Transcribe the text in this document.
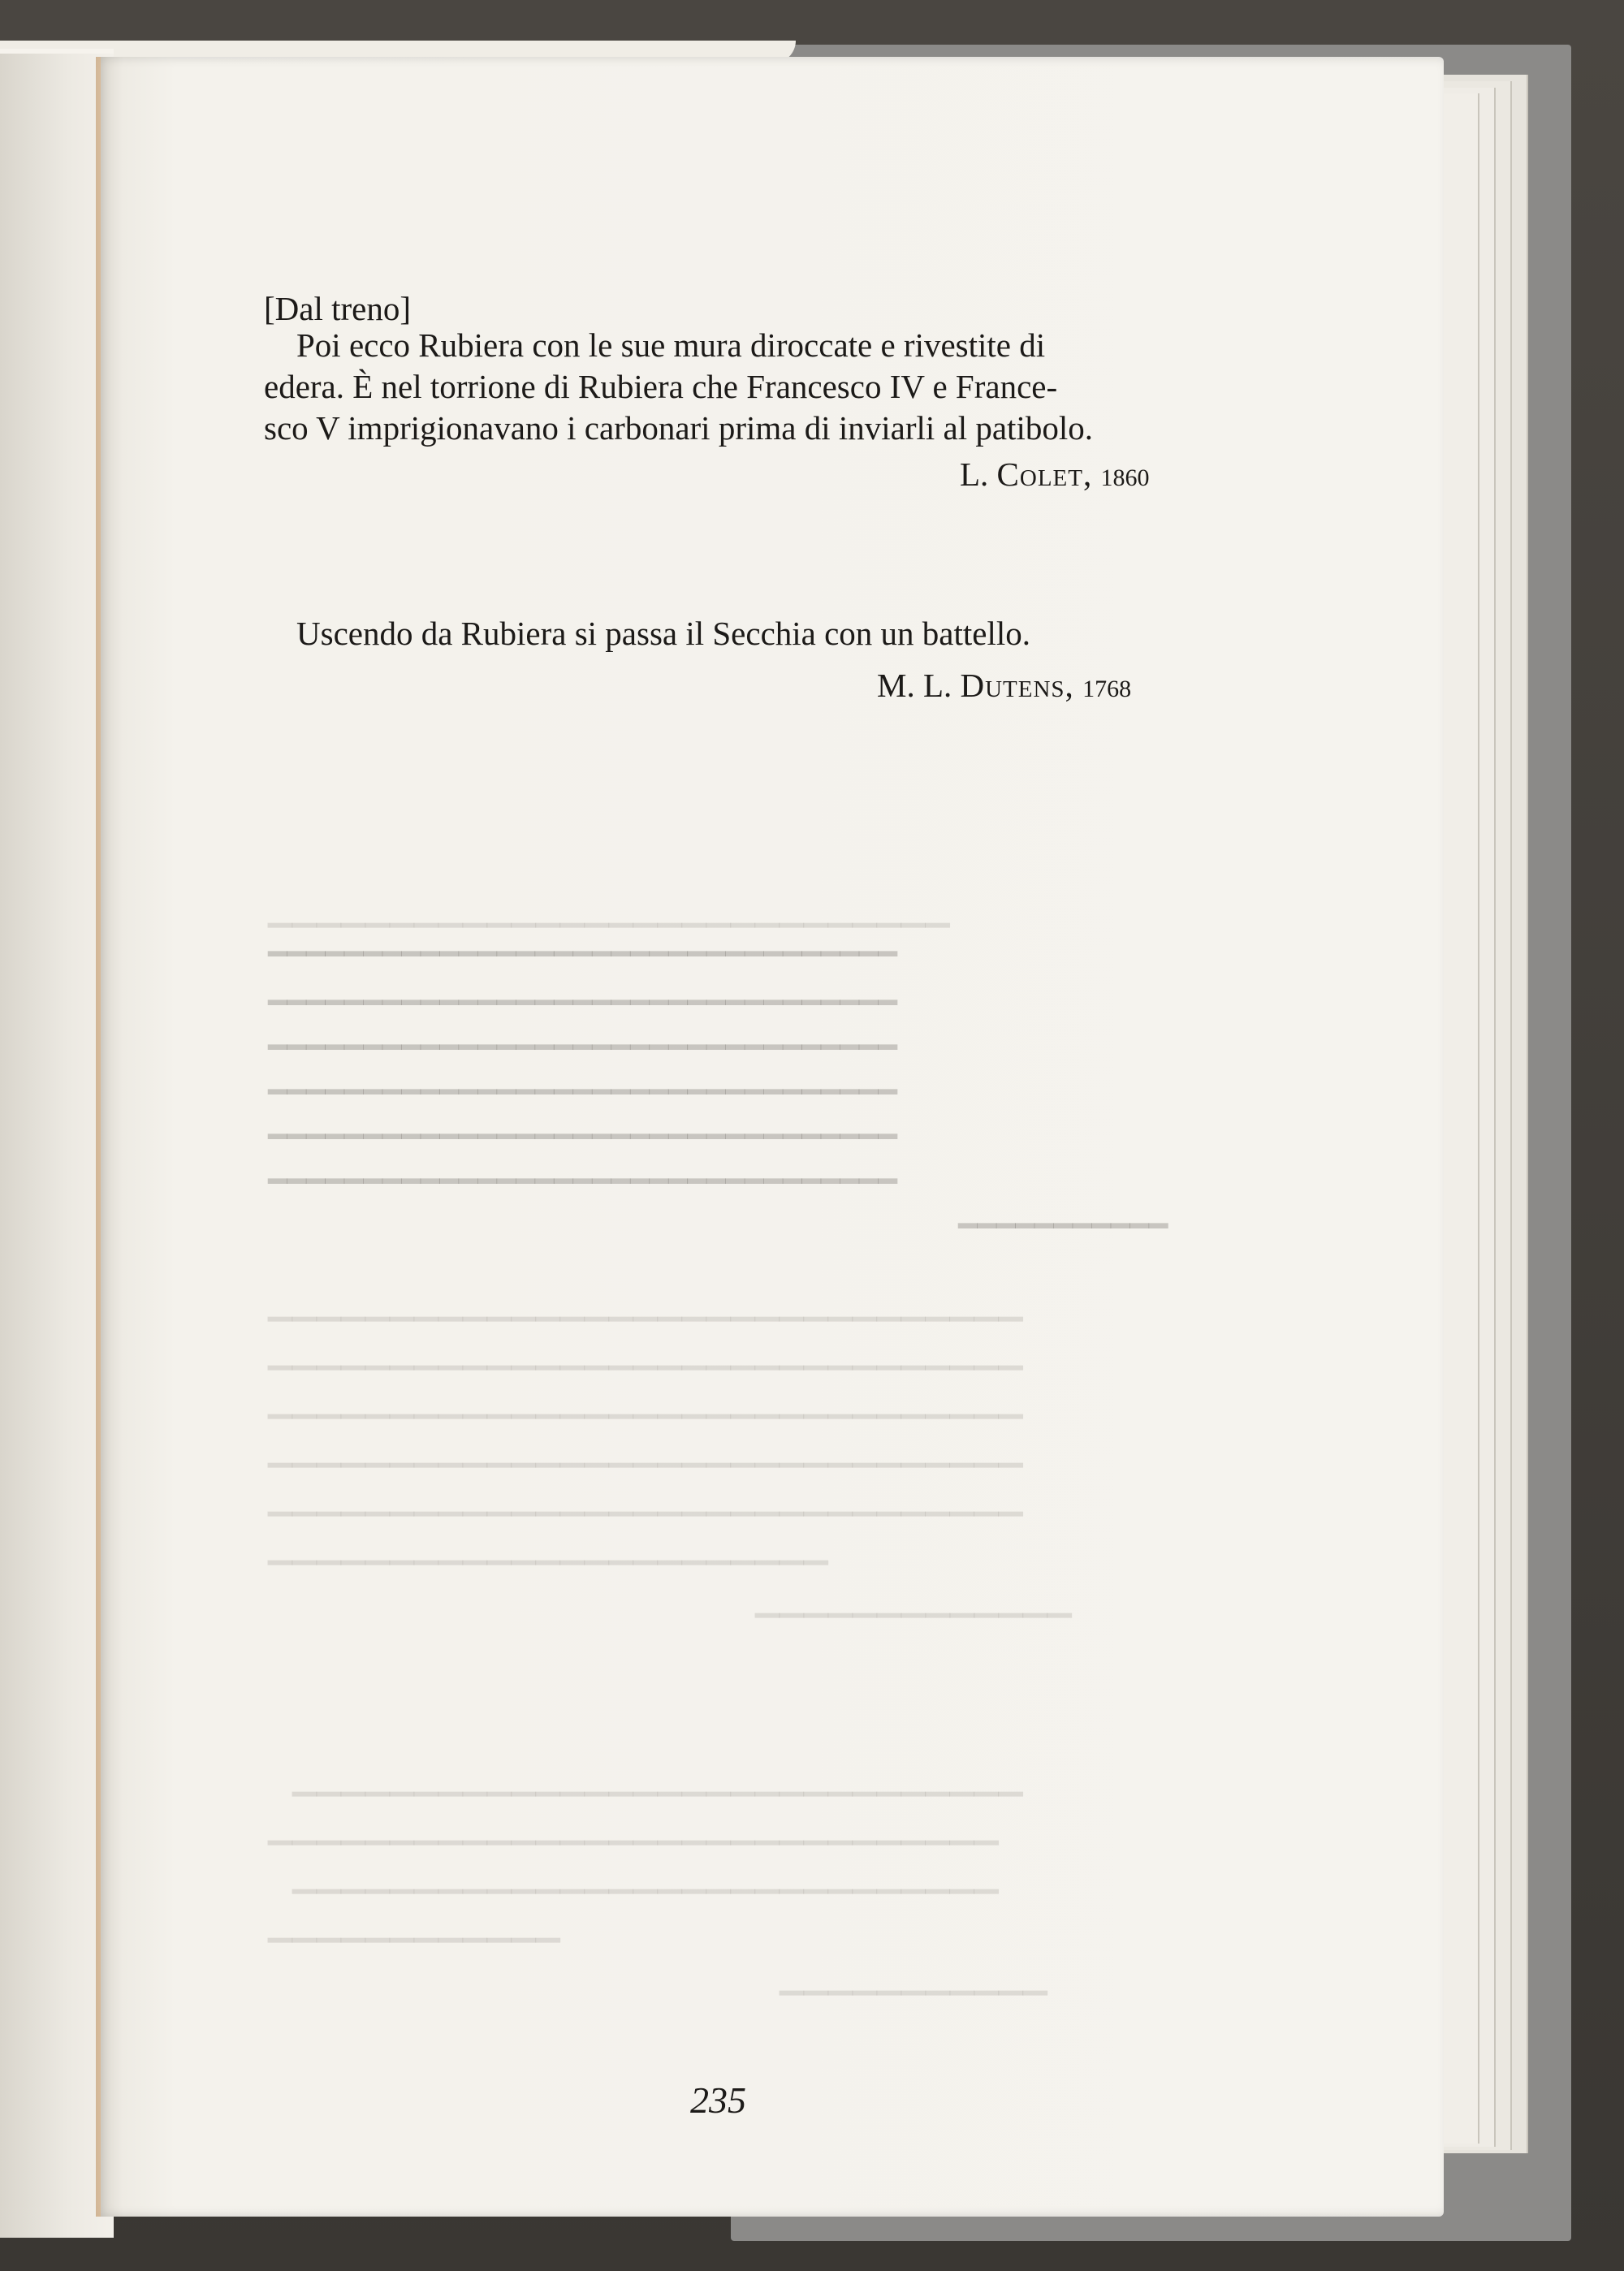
▁▁▁▁▁▁▁▁▁▁▁▁▁▁▁▁▁▁▁▁▁▁▁▁▁▁▁▁
━━━━━━━━━━━━━━━━━━━━━━━━━━━━━━━━━
━━━━━━━━━━━━━━━━━━━━━━━━━━━━━━━━━
━━━━━━━━━━━━━━━━━━━━━━━━━━━━━━━━━
━━━━━━━━━━━━━━━━━━━━━━━━━━━━━━━━━
━━━━━━━━━━━━━━━━━━━━━━━━━━━━━━━━━
━━━━━━━━━━━━━━━━━━━━━━━━━━━━━━━━━
━━━━━━━━━━━
▁▁▁▁▁▁▁▁▁▁▁▁▁▁▁▁▁▁▁▁▁▁▁▁▁▁▁▁▁▁▁
▁▁▁▁▁▁▁▁▁▁▁▁▁▁▁▁▁▁▁▁▁▁▁▁▁▁▁▁▁▁▁
▁▁▁▁▁▁▁▁▁▁▁▁▁▁▁▁▁▁▁▁▁▁▁▁▁▁▁▁▁▁▁
▁▁▁▁▁▁▁▁▁▁▁▁▁▁▁▁▁▁▁▁▁▁▁▁▁▁▁▁▁▁▁
▁▁▁▁▁▁▁▁▁▁▁▁▁▁▁▁▁▁▁▁▁▁▁▁▁▁▁▁▁▁▁
▁▁▁▁▁▁▁▁▁▁▁▁▁▁▁▁▁▁▁▁▁▁▁
▁▁▁▁▁▁▁▁▁▁▁▁▁
▁▁▁▁▁▁▁▁▁▁▁▁▁▁▁▁▁▁▁▁▁▁▁▁▁▁▁▁▁▁
▁▁▁▁▁▁▁▁▁▁▁▁▁▁▁▁▁▁▁▁▁▁▁▁▁▁▁▁▁▁
▁▁▁▁▁▁▁▁▁▁▁▁▁▁▁▁▁▁▁▁▁▁▁▁▁▁▁▁▁
▁▁▁▁▁▁▁▁▁▁▁▁
▁▁▁▁▁▁▁▁▁▁▁
[Dal treno]
Poi ecco Rubiera con le sue mura diroccate e rivestite di
edera. È nel torrione di Rubiera che Francesco IV e France-
sco V imprigionavano i carbonari prima di inviarli al patibolo.
L. Colet, 1860
Uscendo da Rubiera si passa il Secchia con un battello.
M. L. Dutens, 1768
235
